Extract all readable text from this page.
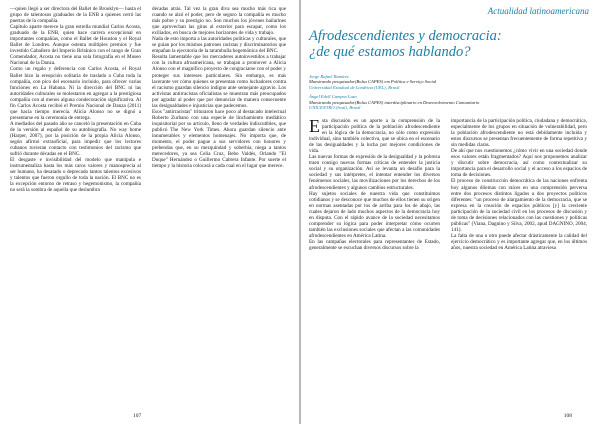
—quien llegó a ser directora del Ballet de Brooklyn— hasta el grupo de talentosos graduados de la ENB a quienes cerró las puertas de la compañía.

Capítulo aparte merece la gran estrella mundial Carlos Acosta, graduado de la ENB, quien hace carrera excepcional en importantes compañías, como el Ballet de Houston y el Royal Ballet de Londres. Aunque ostenta múltiples premios y fue investido Caballero del Imperio Británico con el rango de Gran Comendador, Acosta no tiene una sola fotografía en el Museo Nacional de la Danza.

Como un regalo y deferencia con Carlos Acosta, el Royal Ballet hizo la ereopción solitaria de traslado a Cuba toda la compañía, con pico del escenario incluido, para ofrecer varias funciones en La Habana. Ni la dirección del BNC ni las autoridades culturales se molestaron en agregar a la prestigiosa compañía con al menos alguna condecoración significativa. Al fin Carlos Acosta recibió el Premio Nacional de Danza (2011) que hacía tiempo merecía. Alicia Alonso no se dignó a presentarse en la ceremonia de entrega.

A mediados del pasado año se canceló la presentación en Cuba de la versión al español de su autobiografía. No way home (Harper, 2007), por la posición de la propia Alicia Alonso, según afirmó extraoficial, para impedir que los lectores cubanos tuvieran contacto con testimonios del racismo que sufrió durante décadas en el BNC.

El desgaste e invisibilidad del modelo que manipula e instrumentaliza hasta los más caros valores y manosprecia al ser humano, ha desatado o deprecado tantos talentos excesivos y talentos que fueron orgullo de toda la nación. El BNC no es la excepción entorno de retraso y hegemonismo, la compañía no será la sombra de aquella que deslumbra

décadas atrás. Tal vez la gran diva sea mucho más rica que cuando se alzó el poder, pero de seguro la compañía es mucho más pobre y su prestigio no. Son muchos los jóvenes bailarines que aprovechan las giras al exterior para escapar, como los exiliados, en busca de mejores horizontes de vida y trabajo.

Nada de esto importa a las autoridades políticas y culturales, que se guían por los mismos patrones racistas y discriminatorios que empañan la ejecutoria de la tarambulla hegemónica del BNC.

Resulta lamentable que los mercaderes autoinvestidos a trabajar con la cultura afroamericana, se trabajan a promover a Alicia Alonso con el magnífico proyecto de congraciarse con el poder y proteger sus intereses particulares. Sin embargo, es más lacerante ver cómo quienes se presentan como luchadores contra el racismo guardan silencio indigno ante semejante agravio. Los activistas antirracistas oficialistas se muestran más preocupados por agradar al poder que por denunciar de manera consecuente las desigualdades e injusticias que padecemos.

Esos "antirracistas" trituraron hace poco al destacado intelectual Roberto Zurbano con una especie de linchamiento mediático inquisitorial por su artículo, lleno de verdades indiscutibles, que publicó The New York Times. Ahora guardan silencio ante innumerables y elementos homenajes. No importa que, de momento, el poder pague a sus servidores con honores y prebendas que, en su mezquindad y soberbia, niega a tantos merecedores, ya sea Celia Cruz, Bebo Valdés, Orlando "El Duque" Hernández o Guillermo Cabrera Infante. Por suerte el tiempo y la historia colocará a cada cual en el lugar que merece.

107
Actualidad latinoamericana
Afrodescendientes y democracia:
¿de qué estamos hablando?
Jorge Rafael Ramírez
Maestrando pesquisador(Bolsa CAPES) em Política e Serviço Social
Universidad Estadual de Londrina (UEL), Brasil
Ángel Edell Campos Lazo
Maestrando pesquisador(Bolsa CAPES) interdisciplinario en Desenvolvimento Comunitario
UNICENTRO (Irati), Brasil

Esta discusión es un aporte a la comprensión de la participación política de la población afrodescendiente en la lógica de la democracia, no sólo como expresión individual, sino también colectiva, que se ubica en el escenario de las desigualdades y la lucha por mejores condiciones de vida.

Las nuevas formas de expresión de la desigualdad y la pobreza traen consigo nuevas formas críticas de entender la justicia social y su organización. Así se levanta un desafío para la sociedad y sus intérpretes, el intentar entender los diversos fenómenos sociales, las movilizaciones por los derechos de los afrodescendientes y algunos cambios estructurales.

Hay sujetos sociales de nuestra vida que constituimos cotidianos y se desconoce que muchos de ellos tienen su origen en normas asentadas por los de arriba para los de abajo, las cuales dejaron de lado muchos aspectos de la democracia hoy en disputa. Con el rápido avance de la sociedad necesitamos comprender su lógica para poder interpretar cómo ocurren también las exclusiones sociales que afectan a las comunidades afrodescendientes en América Latina.

En las campañas electorales para representantes de Estado, generalmente se escuchan diversos discursos sobre la

importancia de la participación política, ciudadana y democrática, especialmente de los grupos en situación de vulnerabilidad, pero la población afrodescendiente no está debidamente incluida y estos discursos se presentan frecuentemente de forma repetitiva y sin medidas claras.

De ahí que nos cuestionemos ¿cómo vivir en una sociedad donde esos valores están fragmentados? Aquí nos proponemos analizar y discutir sobre democracia, así como contextualizar su importancia para el desarrollo social y el acceso a los espacios de toma de decisiones.

El proceso de construcción democrática de las naciones enfrenta hoy algunos dilemas con raíces en una comprensión perversa entre dos procesos distintos ligados a dos proyectos políticos diferentes: "un proceso de alargamiento de la democracia, que se expresa en la creación de espacios públicos [y] la creciente participación de la sociedad civil en los procesos de discusión y de toma de decisiones relacionados con las cuestiones y políticas públicas" (Viana, Dagnino y Silva, 2002, apud DAGNINO, 2004, 141).

La falta de una u otro puede afectar drásticamente la calidad del ejercicio democrático y es importante agregar que, en los últimos años, nuestra sociedad en América Latina atraviesa

108
